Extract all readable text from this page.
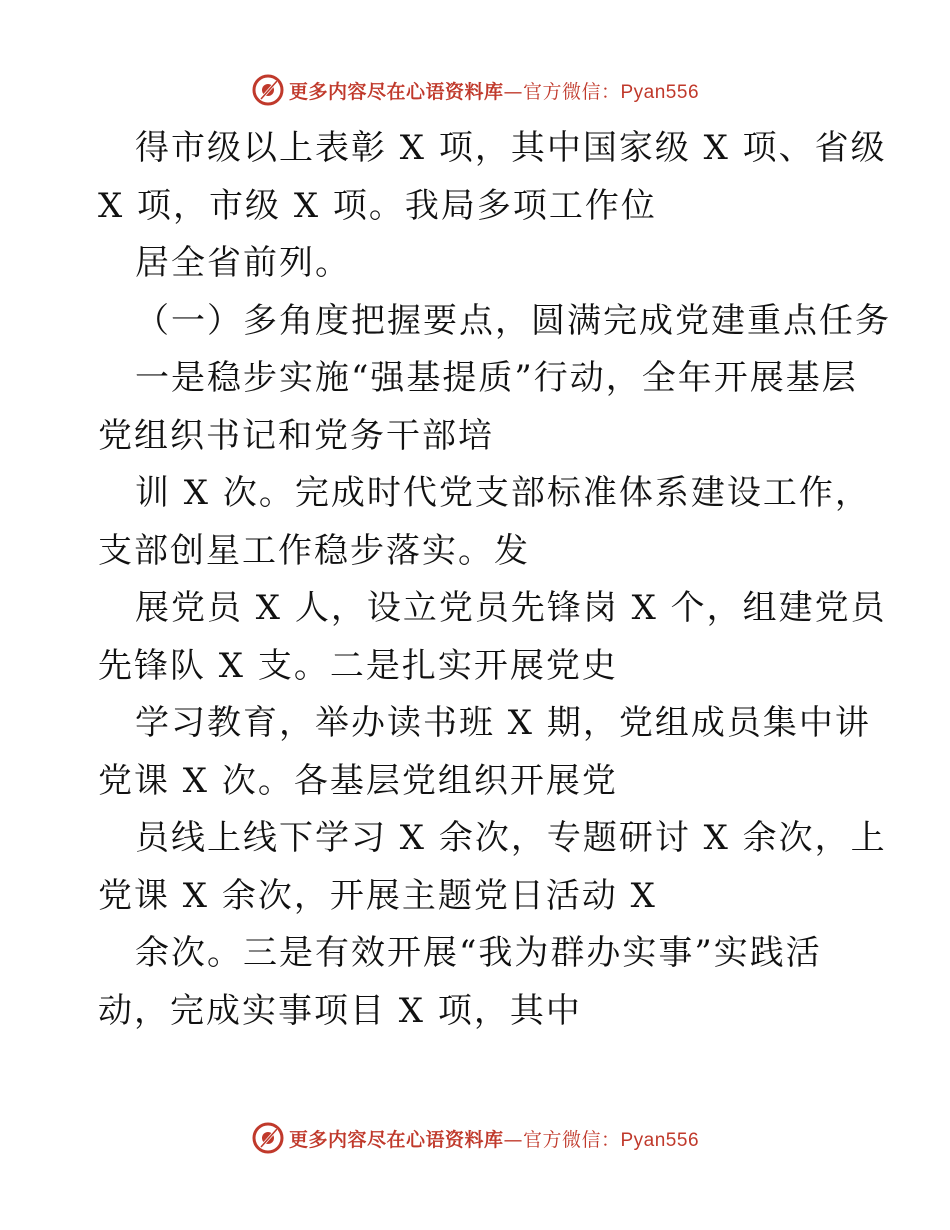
更多内容尽在心语资料库—官方微信：Pyan556
得市级以上表彰 X 项，其中国家级 X 项、省级
X 项，市级 X 项。我局多项工作位
居全省前列。
（一）多角度把握要点，圆满完成党建重点任务
一是稳步实施“强基提质”行动，全年开展基层
党组织书记和党务干部培
训 X 次。完成时代党支部标准体系建设工作，
支部创星工作稳步落实。发
展党员 X 人，设立党员先锋岗 X 个，组建党员
先锋队 X 支。二是扎实开展党史
学习教育，举办读书班 X 期，党组成员集中讲
党课 X 次。各基层党组织开展党
员线上线下学习 X 余次，专题研讨 X 余次，上
党课 X 余次，开展主题党日活动 X
余次。三是有效开展“我为群办实事”实践活
动，完成实事项目 X 项，其中
更多内容尽在心语资料库—官方微信：Pyan556
